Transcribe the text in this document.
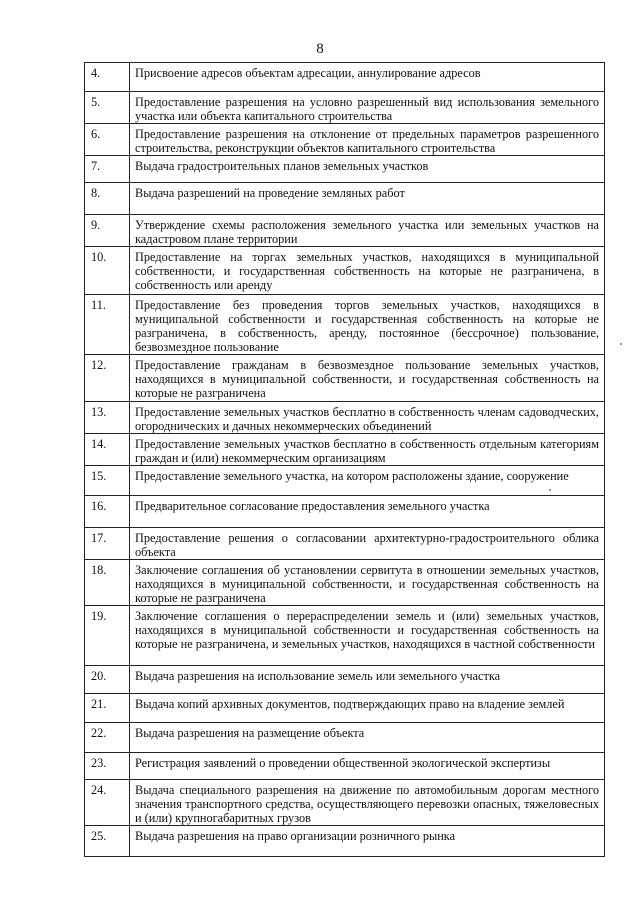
8
4.	Присвоение адресов объектам адресации, аннулирование адресов
5.	Предоставление разрешения на условно разрешенный вид использования земельного участка или объекта капитального строительства
6.	Предоставление разрешения на отклонение от предельных параметров разрешенного строительства, реконструкции объектов капитального строительства
7.	Выдача градостроительных планов земельных участков
8.	Выдача разрешений на проведение земляных работ
9.	Утверждение схемы расположения земельного участка или земельных участков на кадастровом плане территории
10.	Предоставление на торгах земельных участков, находящихся в муниципальной собственности, и государственная собственность на которые не разграничена, в собственность или аренду
11.	Предоставление без проведения торгов земельных участков, находящихся в муниципальной собственности и государственная собственность на которые не разграничена, в собственность, аренду, постоянное (бессрочное) пользование, безвозмездное пользование
12.	Предоставление гражданам в безвозмездное пользование земельных участков, находящихся в муниципальной собственности, и государственная собственность на которые не разграничена
13.	Предоставление земельных участков бесплатно в собственность членам садоводческих, огороднических и дачных некоммерческих объединений
14.	Предоставление земельных участков бесплатно в собственность отдельным категориям граждан и (или) некоммерческим организациям
15.	Предоставление земельного участка, на котором расположены здание, сооружение
16.	Предварительное согласование предоставления земельного участка
17.	Предоставление решения о согласовании архитектурно-градостроительного облика объекта
18.	Заключение соглашения об установлении сервитута в отношении земельных участков, находящихся в муниципальной собственности, и государственная собственность на которые не разграничена
19.	Заключение соглашения о перераспределении земель и (или) земельных участков, находящихся в муниципальной собственности и государственная собственность на которые не разграничена, и земельных участков, находящихся в частной собственности
20.	Выдача разрешения на использование земель или земельного участка
21.	Выдача копий архивных документов, подтверждающих право на владение землей
22.	Выдача разрешения на размещение объекта
23.	Регистрация заявлений о проведении общественной экологической экспертизы
24.	Выдача специального разрешения на движение по автомобильным дорогам местного значения транспортного средства, осуществляющего перевозки опасных, тяжеловесных и (или) крупногабаритных грузов
25.	Выдача разрешения на право организации розничного рынка
